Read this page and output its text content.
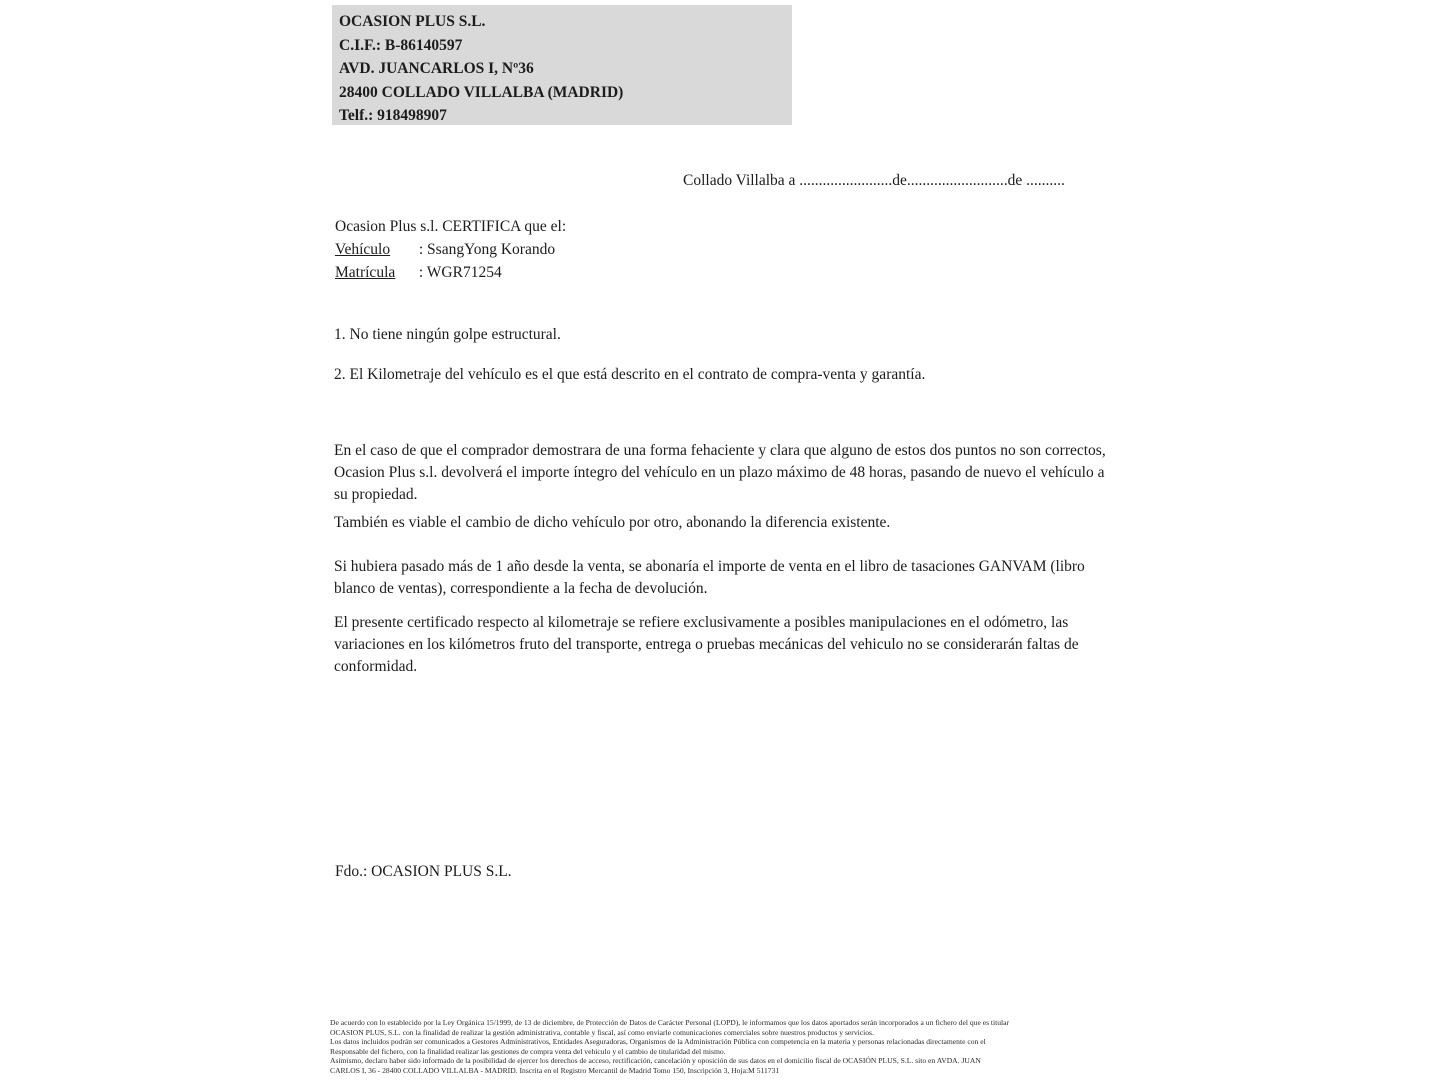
OCASION PLUS S.L.
C.I.F.: B-86140597
AVD. JUANCARLOS I, Nº36
28400 COLLADO VILLALBA (MADRID)
Telf.: 918498907
Collado Villalba a ........................de..........................de ..........
Ocasion Plus s.l. CERTIFICA que el:
Vehículo : SsangYong Korando
Matrícula : WGR71254
1. No tiene ningún golpe estructural.
2. El Kilometraje del vehículo es el que está descrito en el contrato de compra-venta y garantía.
En el caso de que el comprador demostrara de una forma fehaciente y clara que alguno de estos dos puntos no son correctos, Ocasion Plus s.l. devolverá el importe íntegro del vehículo en un plazo máximo de 48 horas, pasando de nuevo el vehículo a su propiedad.
También es viable el cambio de dicho vehículo por otro, abonando la diferencia existente.
Si hubiera pasado más de 1 año desde la venta, se abonaría el importe de venta en el libro de tasaciones GANVAM (libro blanco de ventas), correspondiente a la fecha de devolución.
El presente certificado respecto al kilometraje se refiere exclusivamente a posibles manipulaciones en el odómetro, las variaciones en los kilómetros fruto del transporte, entrega o pruebas mecánicas del vehiculo no se considerarán faltas de conformidad.
Fdo.: OCASION PLUS S.L.
De acuerdo con lo establecido por la Ley Orgánica 15/1999, de 13 de diciembre, de Protección de Datos de Carácter Personal (LOPD), le informamos que los datos aportados serán incorporados a un fichero del que es titular
OCASION PLUS, S.L. con la finalidad de realizar la gestión administrativa, contable y fiscal, así como enviarle comunicaciones comerciales sobre nuestros productos y servicios.
Los datos incluidos podrán ser comunicados a Gestores Administrativos, Entidades Aseguradoras, Organismos de la Administración Pública con competencia en la materia y personas relacionadas directamente con el
Responsable del fichero, con la finalidad realizar las gestiones de compra venta del vehículo y el cambio de titularidad del mismo.
Asimismo, declaro haber sido informado de la posibilidad de ejercer los derechos de acceso, rectificación, cancelación y oposición de sus datos en el domicilio fiscal de OCASIÓN PLUS, S.L. sito en AVDA. JUAN
CARLOS I, 36 - 28400 COLLADO VILLALBA - MADRID. Inscrita en el Registro Mercantil de Madrid Tomo 150, Inscripción 3, Hoja:M 511731
